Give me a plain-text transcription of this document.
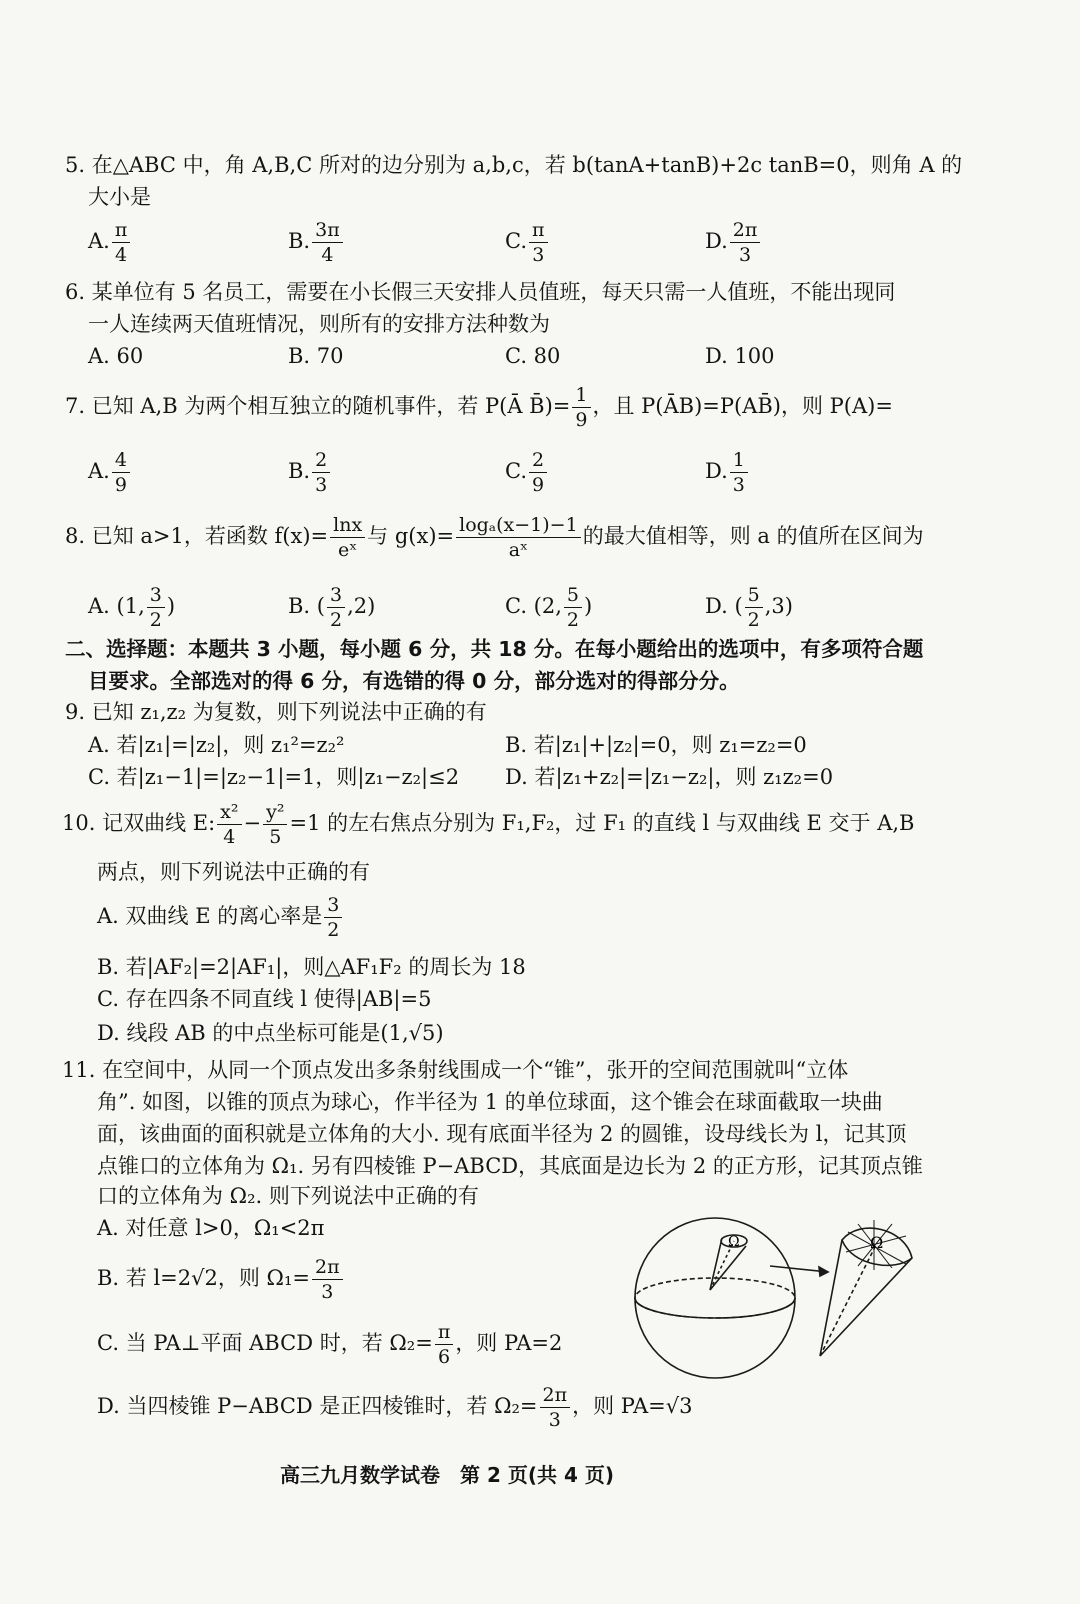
5. 在△ABC 中，角 A,B,C 所对的边分别为 a,b,c，若 b(tanA+tanB)+2c tanB=0，则角 A 的
大小是
A. $\frac{\pi}{4}$	B. $\frac{3\pi}{4}$	C. $\frac{\pi}{3}$	D. $\frac{2\pi}{3}$
6. 某单位有 5 名员工，需要在小长假三天安排人员值班，每天只需一人值班，不能出现同
一人连续两天值班情况，则所有的安排方法种数为
A. 60	B. 70	C. 80	D. 100
7. 已知 A,B 为两个相互独立的随机事件，若 P(Ā B̄)= $\frac{1}{9}$ ，且 P(ĀB)=P(AB̄)，则 P(A)=
A. $\frac{4}{9}$	B. $\frac{2}{3}$	C. $\frac{2}{9}$	D. $\frac{1}{3}$
8. 已知 a>1，若函数 $f(x)= \frac{\ln x}{\text{eˣ}}$ 与 $g(x)= \frac{\text{logₐ(x−1)−1}}{\text{aˣ}}$ 的最大值相等，则 a 的值所在区间为
A. (1, $\frac{3}{2}$ )	B. ( $\frac{3}{2} ,2$)	C. (2, $\frac{5}{2}$ )	D. ( $\frac{5}{2} ,3$)
二、选择题：本题共 3 小题，每小题 6 分，共 18 分。在每小题给出的选项中，有多项符合题
目要求。全部选对的得 6 分，有选错的得 0 分，部分选对的得部分分。
9. 已知 z₁,z₂ 为复数，则下列说法中正确的有
A. 若|z₁|=|z₂|，则 z₁²=z₂²	B. 若|z₁|+|z₂|=0，则 z₁=z₂=0
C. 若|z₁−1|=|z₂−1|=1，则|z₁−z₂|≤2 D. 若|z₁+z₂|=|z₁−z₂|，则 z₁z₂=0
10. 记双曲线 E: $\frac{\text{x²}}{4} - \frac{\text{y²}}{5} =1$ 的左右焦点分别为 F₁,F₂，过 F₁ 的直线 l 与双曲线 E 交于 A,B
两点，则下列说法中正确的有
A. 双曲线 E 的离心率是 $\frac{3}{2}$
B. 若|AF₂|=2|AF₁|，则△AF₁F₂ 的周长为 18
C. 存在四条不同直线 l 使得|AB|=5
D. 线段 AB 的中点坐标可能是(1,√5)
11. 在空间中，从同一个顶点发出多条射线围成一个“锥”，张开的空间范围就叫“立体
角”. 如图，以锥的顶点为球心，作半径为 1 的单位球面，这个锥会在球面截取一块曲
面，该曲面的面积就是立体角的大小. 现有底面半径为 2 的圆锥，设母线长为 l，记其顶
点锥口的立体角为 Ω₁. 另有四棱锥 P−ABCD，其底面是边长为 2 的正方形，记其顶点锥
口的立体角为 Ω₂. 则下列说法中正确的有
A. 对任意 l>0，Ω₁<2π
B. 若 l=2√2，则 $\Omega_1= \frac{2\pi}{3}$
C. 当 PA⊥平面 ABCD 时，若 $\Omega_2= \frac{\pi}{6}$ ，则 PA=2
D. 当四棱锥 P−ABCD 是正四棱锥时，若 $\Omega_2= \frac{2\pi}{3}$ ，则 PA=√3
Ω	Ω
高三九月数学试卷　第 2 页(共 4 页)
